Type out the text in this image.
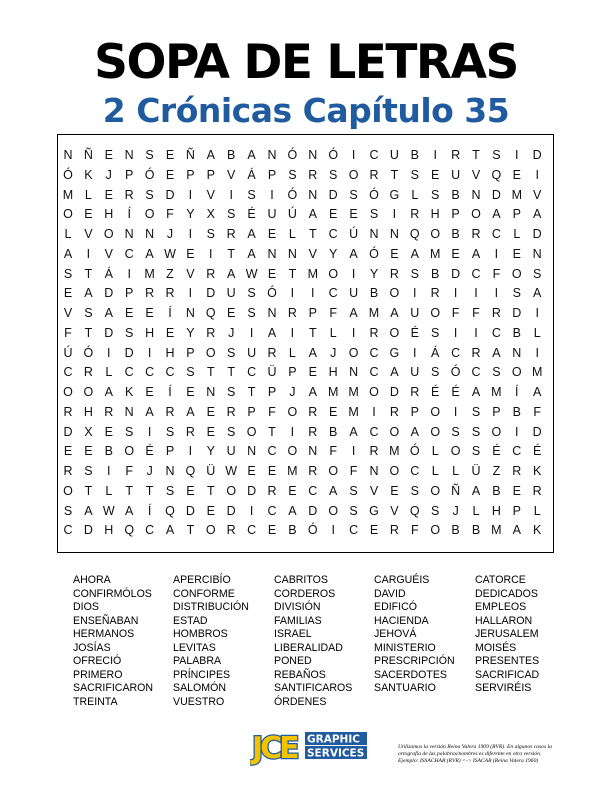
SOPA DE LETRAS
2 Crónicas Capítulo 35
N Ñ E N S E Ñ A B A N Ó N Ó	I	C U B	I	R T S	I	D
Ó K	J	P Ó E P P V Á P S R S O R T S E U V Q E	I
M L	E R S D	I	V	I	S	I	Ó N D S Ó G L	S B N D M V
O E H	Í	O F Y X S É U Ú A E E S	I	R H P O A P A
L	V O N N	J	I	S R A E	L	T C Ú N N Q O B R C L D
A	I	V C A W E	I	T A N N V Y A Ó E A M E A	I	E N
S T Á	I	M Z V R A W E T M O	I	Y R S B D C F O S
E A D P R R	I	D U S Ó	I	I	C U B O	I	R	I	I	I	S A
V S A E E	Í	N Q E S N R P F A M A U O F	F R D	I
F	T D S H E Y R	J	I	A	I	T	L	I	R O É S	I	I	C B	L
Ú Ó	I	D	I	H P O S U R L	A	J O C G	I	Á C R A N	I
C R L C C C S T	T C Ü P E H N C A U S Ó C S O M
O O A K E	Í	E N S T P	J	A M M O D R É É A M	Í	A
R H R N A R A E R P F O R E M	I	R P O	I	S P B F
D X E S	I	S R E S O T	I	R B A C O A O S S O	I	D
E E B O É P	I	Y U N C O N F	I	R M Ó L O S É C É
R S	I	F	J	N Q Ü W E E M R O F N O C L	L Ü Z R K
O T	L	T	T S E T O D R E C A S V E S O Ñ A B E R
S A W A	Í	Q D E D	I	C A D O S G V Q S	J	L H P	L
C D H Q C A T O R C E B Ó	I	C E R F O B B M A K
AHORA
CONFIRMÓLOS
DIOS
ENSEÑABAN
HERMANOS
JOSÍAS
OFRECIÓ
PRIMERO
SACRIFICARON
TREINTA
APERCIBÍO
CONFORME
DISTRIBUCIÓN
ESTAD
HOMBROS
LEVITAS
PALABRA
PRÍNCIPES
SALOMÓN
VUESTRO
CABRITOS
CORDEROS
DIVISIÓN
FAMILIAS
ISRAEL
LIBERALIDAD
PONED
REBAÑOS
SANTIFICAROS
ÓRDENES
CARGUÉIS
DAVID
EDIFICÓ
HACIENDA
JEHOVÁ
MINISTERIO
PRESCRIPCIÓN
SACERDOTES
SANTUARIO
CATORCE
DEDICADOS
EMPLEOS
HALLARON
JERUSALEM
MOISÉS
PRESENTES
SACRIFICAD
SERVIRÉIS
JCE GRAPHIC
SERVICES
Utilizamos la versión Reina Valera 1909 (RVR). En algunos casos la ortografía de las palabras/nombres es diferente en otra versión. Ejemplo: ISSACHAR (RVR) <-> ISACAR (Reina Valera 1960)
